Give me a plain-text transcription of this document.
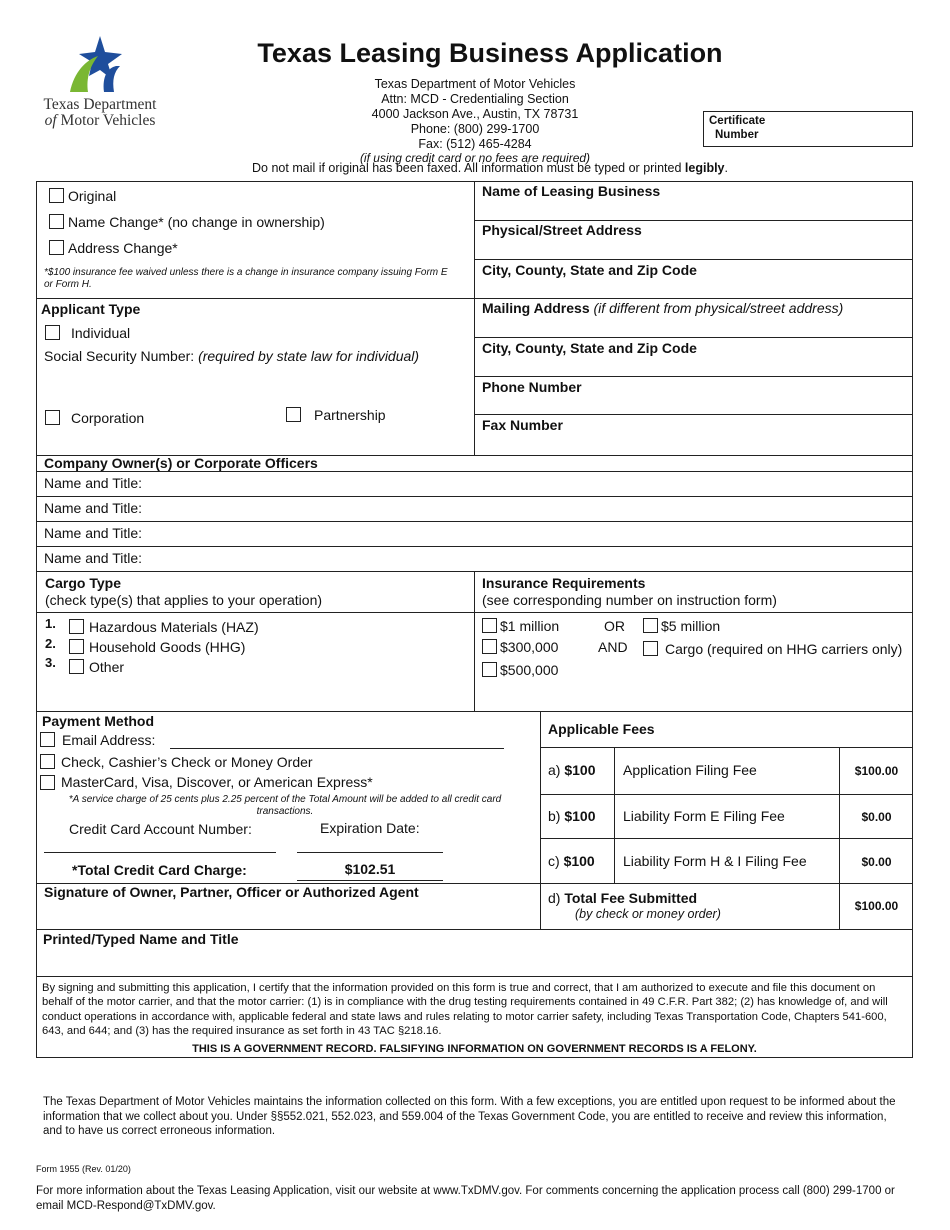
Texas Department
of Motor Vehicles
Texas Leasing Business Application
Texas Department of Motor Vehicles
Attn: MCD - Credentialing Section
4000 Jackson Ave., Austin, TX 78731
Phone: (800) 299-1700
Fax: (512) 465-4284
(if using credit card or no fees are required)
Do not mail if original has been faxed. All information must be typed or printed legibly.
Certificate
Number
Original
Name Change* (no change in ownership)
Address Change*
*$100 insurance fee waived unless there is a change in insurance company issuing Form E or Form H.
Applicant Type
Individual
Social Security Number: (required by state law for individual)
Corporation	Partnership
Name of Leasing Business
Physical/Street Address
City, County, State and Zip Code
Mailing Address (if different from physical/street address)
City, County, State and Zip Code
Phone Number
Fax Number
Company Owner(s) or Corporate Officers
Name and Title:
Name and Title:
Name and Title:
Name and Title:
Cargo Type
(check type(s) that applies to your operation)
Insurance Requirements
(see corresponding number on instruction form)
1. Hazardous Materials (HAZ)
2. Household Goods (HHG)
3. Other
$1 million	OR	$5 million
$300,000	AND	Cargo (required on HHG carriers only)
$500,000
Payment Method
Email Address:
Check, Cashier’s Check or Money Order
MasterCard, Visa, Discover, or American Express*
*A service charge of 25 cents plus 2.25 percent of the Total Amount will be added to all credit card transactions.
Credit Card Account Number:	Expiration Date:
*Total Credit Card Charge:	$102.51
Applicable Fees
a) $100 Application Filing Fee	$100.00
b) $100 Liability Form E Filing Fee	$0.00
c) $100 Liability Form H & I Filing Fee	$0.00
d) Total Fee Submitted
(by check or money order)
$100.00
Signature of Owner, Partner, Officer or Authorized Agent
Printed/Typed Name and Title
By signing and submitting this application, I certify that the information provided on this form is true and correct, that I am authorized to execute and file this document on behalf of the motor carrier, and that the motor carrier: (1) is in compliance with the drug testing requirements contained in 49 C.F.R. Part 382; (2) has knowledge of, and will conduct operations in accordance with, applicable federal and state laws and rules relating to motor carrier safety, including Texas Transportation Code, Chapters 541-600, 643, and 644; and (3) has the required insurance as set forth in 43 TAC §218.16.
THIS IS A GOVERNMENT RECORD. FALSIFYING INFORMATION ON GOVERNMENT RECORDS IS A FELONY.
The Texas Department of Motor Vehicles maintains the information collected on this form. With a few exceptions, you are entitled upon request to be informed about the information that we collect about you. Under §§552.021, 552.023, and 559.004 of the Texas Government Code, you are entitled to receive and review this information, and to have us correct erroneous information.
Form 1955 (Rev. 01/20)
For more information about the Texas Leasing Application, visit our website at www.TxDMV.gov. For comments concerning the application process call (800) 299-1700 or email MCD-Respond@TxDMV.gov.
